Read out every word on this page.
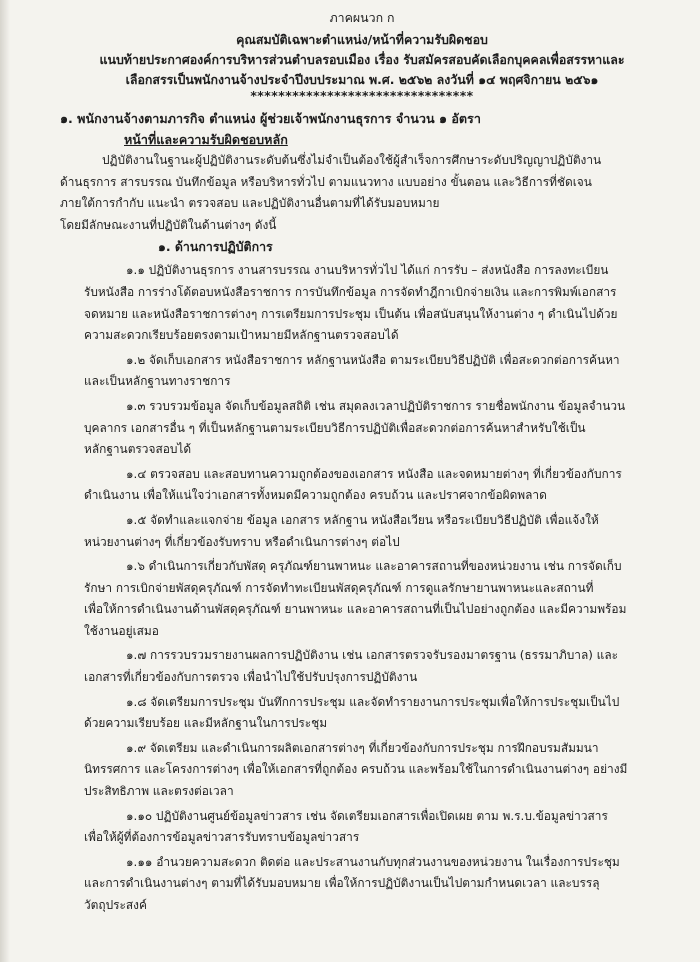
ภาคผนวก ก
คุณสมบัติเฉพาะตำแหน่ง/หน้าที่ความรับผิดชอบ
แนบท้ายประกาศองค์การบริหารส่วนตำบลรอบเมือง เรื่อง รับสมัครสอบคัดเลือกบุคคลเพื่อสรรหาและ
เลือกสรรเป็นพนักงานจ้างประจำปีงบประมาณ พ.ศ. ๒๕๖๒ ลงวันที่ ๑๔ พฤศจิกายน ๒๕๖๑
********************************
๑. พนักงานจ้างตามภารกิจ ตำแหน่ง ผู้ช่วยเจ้าพนักงานธุรการ จำนวน ๑ อัตรา
หน้าที่และความรับผิดชอบหลัก
ปฏิบัติงานในฐานะผู้ปฏิบัติงานระดับต้นซึ่งไม่จำเป็นต้องใช้ผู้สำเร็จการศึกษาระดับปริญญาปฏิบัติงาน
ด้านธุรการ สารบรรณ บันทึกข้อมูล หรือบริหารทั่วไป ตามแนวทาง แบบอย่าง ขั้นตอน และวิธีการที่ชัดเจน
ภายใต้การกำกับ แนะนำ ตรวจสอบ และปฏิบัติงานอื่นตามที่ได้รับมอบหมาย
โดยมีลักษณะงานที่ปฏิบัติในด้านต่างๆ ดังนี้
๑. ด้านการปฏิบัติการ
๑.๑ ปฏิบัติงานธุรการ งานสารบรรณ งานบริหารทั่วไป ได้แก่ การรับ – ส่งหนังสือ การลงทะเบียน
รับหนังสือ การร่างโต้ตอบหนังสือราชการ การบันทึกข้อมูล การจัดทำฎีกาเบิกจ่ายเงิน และการพิมพ์เอกสาร
จดหมาย และหนังสือราชการต่างๆ การเตรียมการประชุม เป็นต้น เพื่อสนับสนุนให้งานต่าง ๆ ดำเนินไปด้วย
ความสะดวกเรียบร้อยตรงตามเป้าหมายมีหลักฐานตรวจสอบได้
๑.๒ จัดเก็บเอกสาร หนังสือราชการ หลักฐานหนังสือ ตามระเบียบวิธีปฏิบัติ เพื่อสะดวกต่อการค้นหา
และเป็นหลักฐานทางราชการ
๑.๓ รวบรวมข้อมูล จัดเก็บข้อมูลสถิติ เช่น สมุดลงเวลาปฏิบัติราชการ รายชื่อพนักงาน ข้อมูลจำนวน
บุคลากร เอกสารอื่น ๆ ที่เป็นหลักฐานตามระเบียบวิธีการปฏิบัติเพื่อสะดวกต่อการค้นหาสำหรับใช้เป็น
หลักฐานตรวจสอบได้
๑.๔ ตรวจสอบ และสอบทานความถูกต้องของเอกสาร หนังสือ และจดหมายต่างๆ ที่เกี่ยวข้องกับการ
ดำเนินงาน เพื่อให้แน่ใจว่าเอกสารทั้งหมดมีความถูกต้อง ครบถ้วน และปราศจากข้อผิดพลาด
๑.๕ จัดทำและแจกจ่าย ข้อมูล เอกสาร หลักฐาน หนังสือเวียน หรือระเบียบวิธีปฏิบัติ เพื่อแจ้งให้
หน่วยงานต่างๆ ที่เกี่ยวข้องรับทราบ หรือดำเนินการต่างๆ ต่อไป
๑.๖ ดำเนินการเกี่ยวกับพัสดุ ครุภัณฑ์ยานพาหนะ และอาคารสถานที่ของหน่วยงาน เช่น การจัดเก็บ
รักษา การเบิกจ่ายพัสดุครุภัณฑ์ การจัดทำทะเบียนพัสดุครุภัณฑ์ การดูแลรักษายานพาหนะและสถานที่
เพื่อให้การดำเนินงานด้านพัสดุครุภัณฑ์ ยานพาหนะ และอาคารสถานที่เป็นไปอย่างถูกต้อง และมีความพร้อม
ใช้งานอยู่เสมอ
๑.๗ การรวบรวมรายงานผลการปฏิบัติงาน เช่น เอกสารตรวจรับรองมาตรฐาน (ธรรมาภิบาล) และ
เอกสารที่เกี่ยวข้องกับการตรวจ เพื่อนำไปใช้ปรับปรุงการปฏิบัติงาน
๑.๘ จัดเตรียมการประชุม บันทึกการประชุม และจัดทำรายงานการประชุมเพื่อให้การประชุมเป็นไป
ด้วยความเรียบร้อย และมีหลักฐานในการประชุม
๑.๙ จัดเตรียม และดำเนินการผลิตเอกสารต่างๆ ที่เกี่ยวข้องกับการประชุม การฝึกอบรมสัมมนา
นิทรรศการ และโครงการต่างๆ เพื่อให้เอกสารที่ถูกต้อง ครบถ้วน และพร้อมใช้ในการดำเนินงานต่างๆ อย่างมี
ประสิทธิภาพ และตรงต่อเวลา
๑.๑๐ ปฏิบัติงานศูนย์ข้อมูลข่าวสาร เช่น จัดเตรียมเอกสารเพื่อเปิดเผย ตาม พ.ร.บ.ข้อมูลข่าวสาร
เพื่อให้ผู้ที่ต้องการข้อมูลข่าวสารรับทราบข้อมูลข่าวสาร
๑.๑๑ อำนวยความสะดวก ติดต่อ และประสานงานกับทุกส่วนงานของหน่วยงาน ในเรื่องการประชุม
และการดำเนินงานต่างๆ ตามที่ได้รับมอบหมาย เพื่อให้การปฏิบัติงานเป็นไปตามกำหนดเวลา และบรรลุ
วัตถุประสงค์
